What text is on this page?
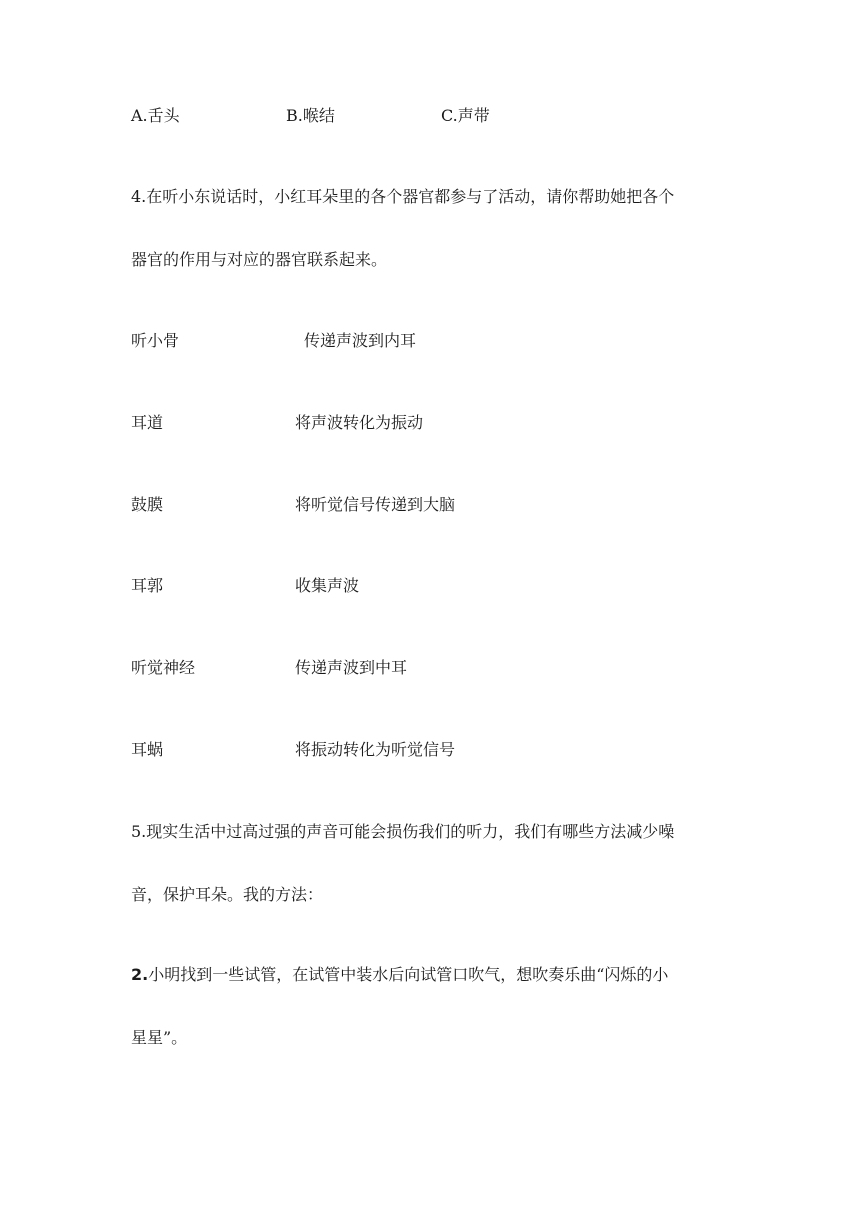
A.舌头	B.喉结	C.声带
4.在听小东说话时，小红耳朵里的各个器官都参与了活动，请你帮助她把各个
器官的作用与对应的器官联系起来。
听小骨	传递声波到内耳
耳道	将声波转化为振动
鼓膜	将听觉信号传递到大脑
耳郭	收集声波
听觉神经	传递声波到中耳
耳蜗	将振动转化为听觉信号
5.现实生活中过高过强的声音可能会损伤我们的听力，我们有哪些方法减少噪
音，保护耳朵。我的方法：
2.小明找到一些试管，在试管中装水后向试管口吹气，想吹奏乐曲“闪烁的小
星星”。
